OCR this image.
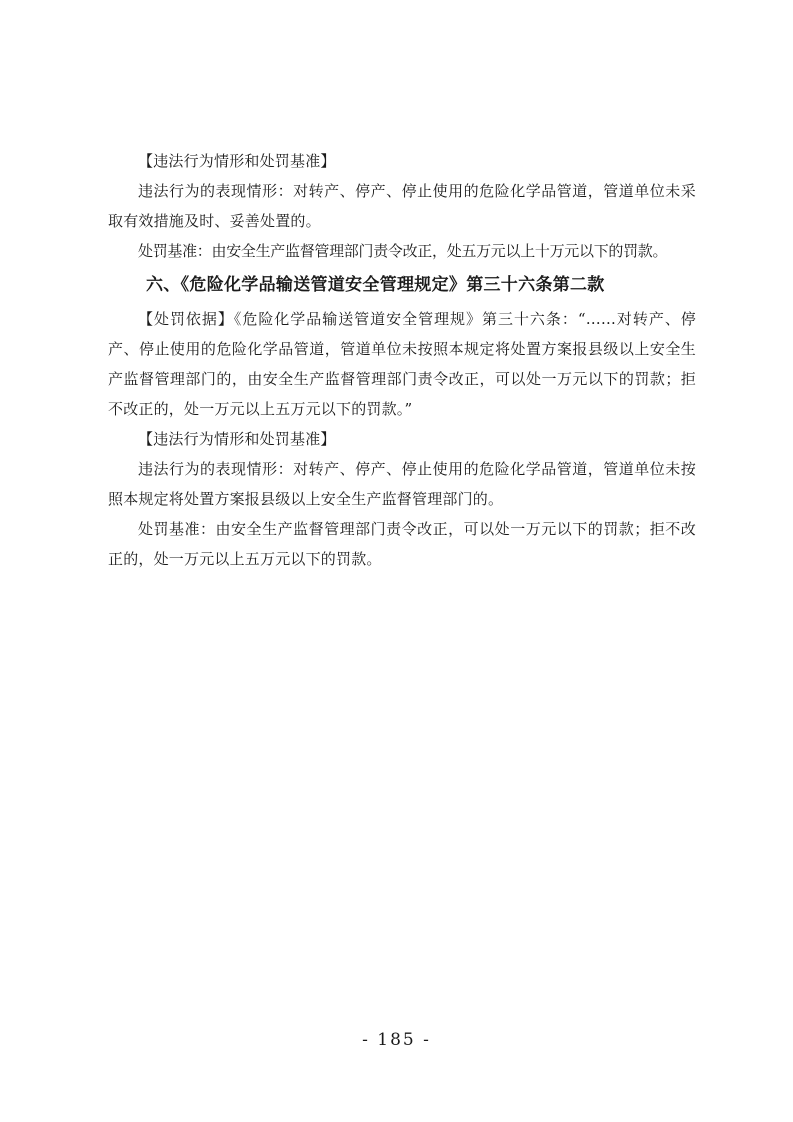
【违法行为情形和处罚基准】

违法行为的表现情形：对转产、停产、停止使用的危险化学品管道，管道单位未采取有效措施及时、妥善处置的。

处罚基准：由安全生产监督管理部门责令改正，处五万元以上十万元以下的罚款。

六、《危险化学品输送管道安全管理规定》第三十六条第二款

【处罚依据】《危险化学品输送管道安全管理规》第三十六条：“……对转产、停产、停止使用的危险化学品管道，管道单位未按照本规定将处置方案报县级以上安全生产监督管理部门的，由安全生产监督管理部门责令改正，可以处一万元以下的罚款；拒不改正的，处一万元以上五万元以下的罚款。”

【违法行为情形和处罚基准】

违法行为的表现情形：对转产、停产、停止使用的危险化学品管道，管道单位未按照本规定将处置方案报县级以上安全生产监督管理部门的。

处罚基准：由安全生产监督管理部门责令改正，可以处一万元以下的罚款；拒不改正的，处一万元以上五万元以下的罚款。

- 185 -
